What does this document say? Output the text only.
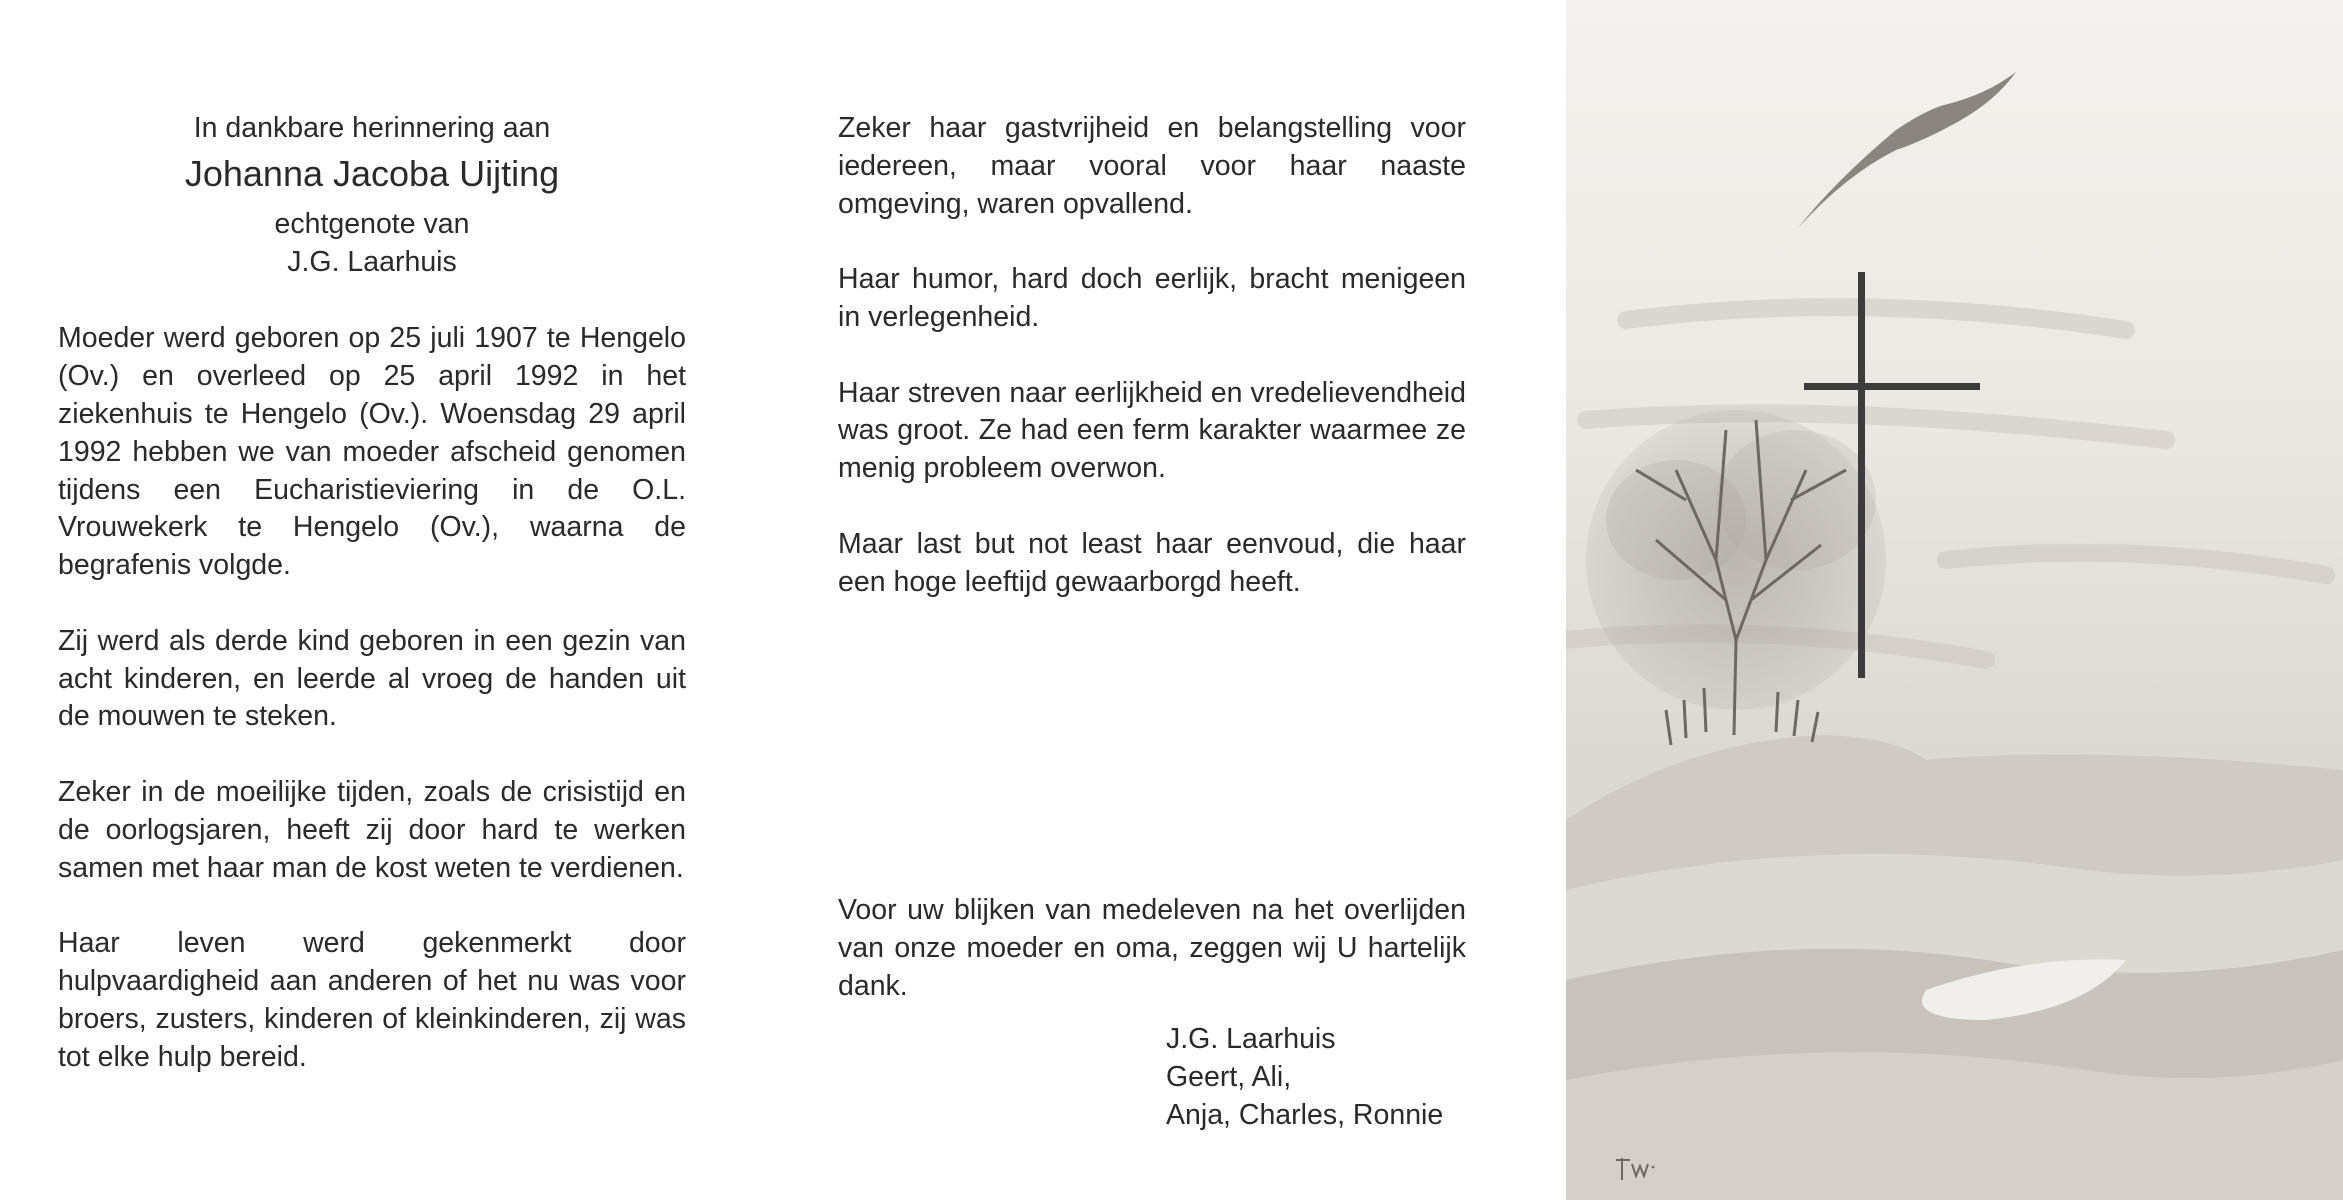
In dankbare herinnering aan
Johanna Jacoba Uijting
echtgenote van
J.G. Laarhuis

Moeder werd geboren op 25 juli 1907 te Hengelo (Ov.) en overleed op 25 april 1992 in het ziekenhuis te Hengelo (Ov.). Woensdag 29 april 1992 hebben we van moeder afscheid genomen tijdens een Eucharistieviering in de O.L. Vrouwekerk te Hengelo (Ov.), waarna de begrafenis volgde.

Zij werd als derde kind geboren in een gezin van acht kinderen, en leerde al vroeg de handen uit de mouwen te steken.

Zeker in de moeilijke tijden, zoals de crisistijd en de oorlogsjaren, heeft zij door hard te werken samen met haar man de kost weten te verdienen.

Haar leven werd gekenmerkt door hulpvaardigheid aan anderen of het nu was voor broers, zusters, kinderen of kleinkinderen, zij was tot elke hulp bereid.

Zeker haar gastvrijheid en belangstelling voor iedereen, maar vooral voor haar naaste omgeving, waren opvallend.

Haar humor, hard doch eerlijk, bracht menigeen in verlegenheid.

Haar streven naar eerlijkheid en vredelievendheid was groot. Ze had een ferm karakter waarmee ze menig probleem overwon.

Maar last but not least haar eenvoud, die haar een hoge leeftijd gewaarborgd heeft.

Voor uw blijken van medeleven na het overlijden van onze moeder en oma, zeggen wij U hartelijk dank.
J.G. Laarhuis
Geert, Ali,
Anja, Charles, Ronnie
